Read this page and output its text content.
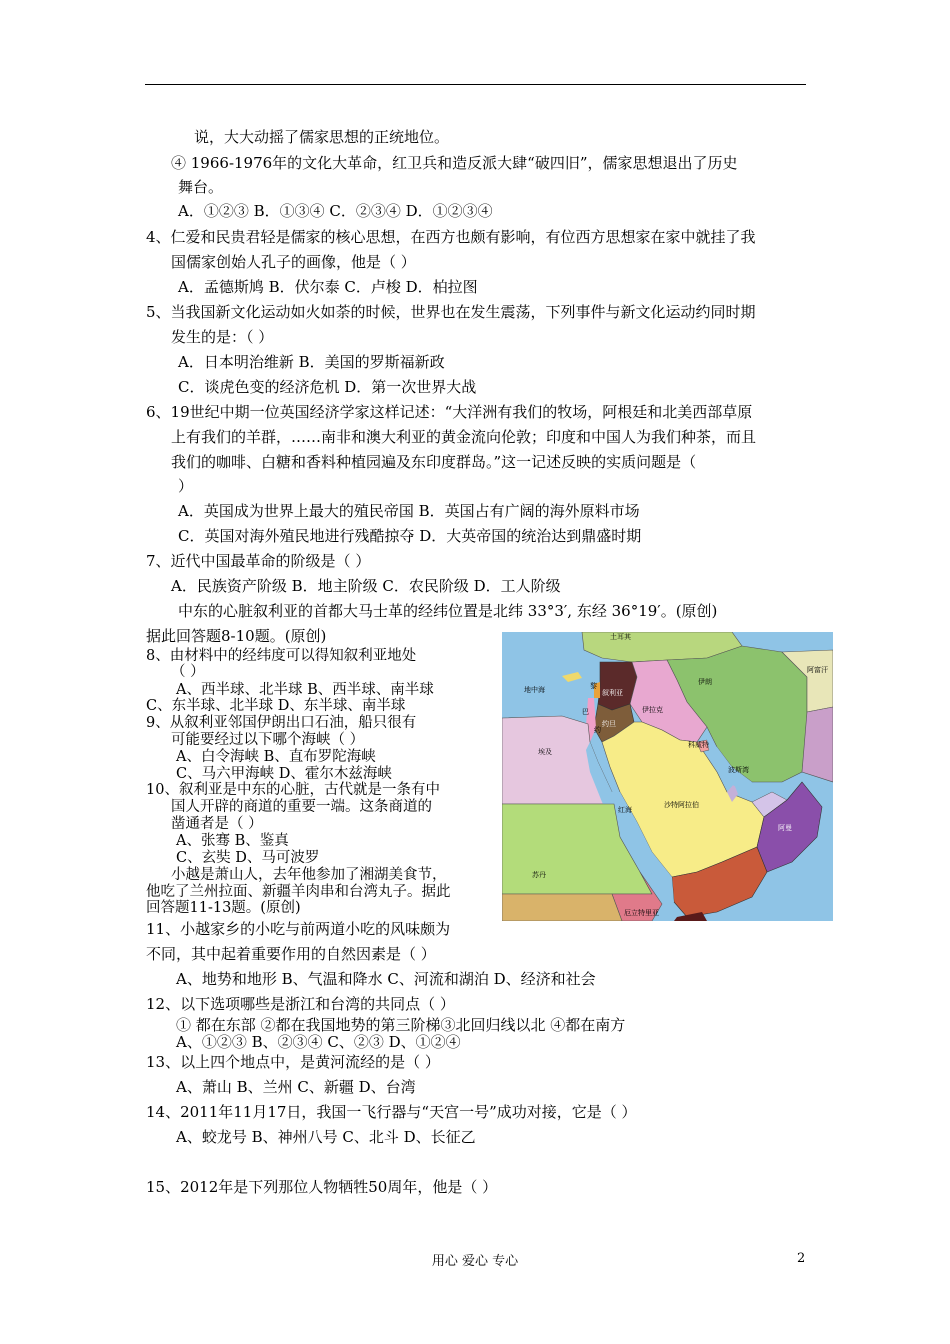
说，大大动摇了儒家思想的正统地位。
④ 1966-1976年的文化大革命，红卫兵和造反派大肆“破四旧”，儒家思想退出了历史
舞台。
A．①②③ B．①③④ C．②③④ D．①②③④
4、仁爱和民贵君轻是儒家的核心思想，在西方也颇有影响，有位西方思想家在家中就挂了我
国儒家创始人孔子的画像，他是（ ）
A．孟德斯鸠 B．伏尔泰 C．卢梭 D．柏拉图
5、当我国新文化运动如火如荼的时候，世界也在发生震荡，下列事件与新文化运动约同时期
发生的是：（ ）
A．日本明治维新 B．美国的罗斯福新政
C．谈虎色变的经济危机 D．第一次世界大战
6、19世纪中期一位英国经济学家这样记述：“大洋洲有我们的牧场，阿根廷和北美西部草原
上有我们的羊群，……南非和澳大利亚的黄金流向伦敦；印度和中国人为我们种茶，而且
我们的咖啡、白糖和香料种植园遍及东印度群岛。”这一记述反映的实质问题是（
）
A．英国成为世界上最大的殖民帝国 B．英国占有广阔的海外原料市场
C．英国对海外殖民地进行残酷掠夺 D．大英帝国的统治达到鼎盛时期
7、近代中国最革命的阶级是（ ）
A．民族资产阶级 B．地主阶级 C．农民阶级 D．工人阶级
中东的心脏叙利亚的首都大马士革的经纬位置是北纬 33°3′, 东经 36°19′。(原创)
据此回答题8-10题。(原创)
8、由材料中的经纬度可以得知叙利亚地处
（ ）
A、西半球、北半球 B、西半球、南半球
C、东半球、北半球 D、东半球、南半球
9、从叙利亚邻国伊朗出口石油，船只很有
可能要经过以下哪个海峡（ ）
A、白令海峡 B、直布罗陀海峡
C、马六甲海峡 D、霍尔木兹海峡
10、叙利亚是中东的心脏，古代就是一条有中
国人开辟的商道的重要一端。这条商道的
凿通者是（ ）
A、张骞 B、鉴真
C、玄奘 D、马可波罗
小越是萧山人，去年他参加了湘湖美食节，
他吃了兰州拉面、新疆羊肉串和台湾丸子。据此
回答题11-13题。(原创)
11、小越家乡的小吃与前两道小吃的风味颇为
不同，其中起着重要作用的自然因素是（ ）
A、地势和地形 B、气温和降水 C、河流和湖泊 D、经济和社会
12、以下选项哪些是浙江和台湾的共同点（ ）
① 都在东部 ②都在我国地势的第三阶梯③北回归线以北 ④都在南方
A、①②③ B、②③④ C、②③ D、①②④
13、以上四个地点中，是黄河流经的是（ ）
A、萧山 B、兰州 C、新疆 D、台湾
14、2011年11月17日，我国一飞行器与“天宫一号”成功对接，它是（ ）
A、蛟龙号 B、神州八号 C、北斗 D、长征乙
15、2012年是下列那位人物牺牲50周年，他是（ ）
土耳其
叙利亚
伊拉克
伊朗
阿富汗
地中海
约旦
科威特
埃及
波斯湾
沙特阿拉伯
红海
阿曼
苏丹
厄立特里亚
约
巴
黎
用心 爱心 专心	2
